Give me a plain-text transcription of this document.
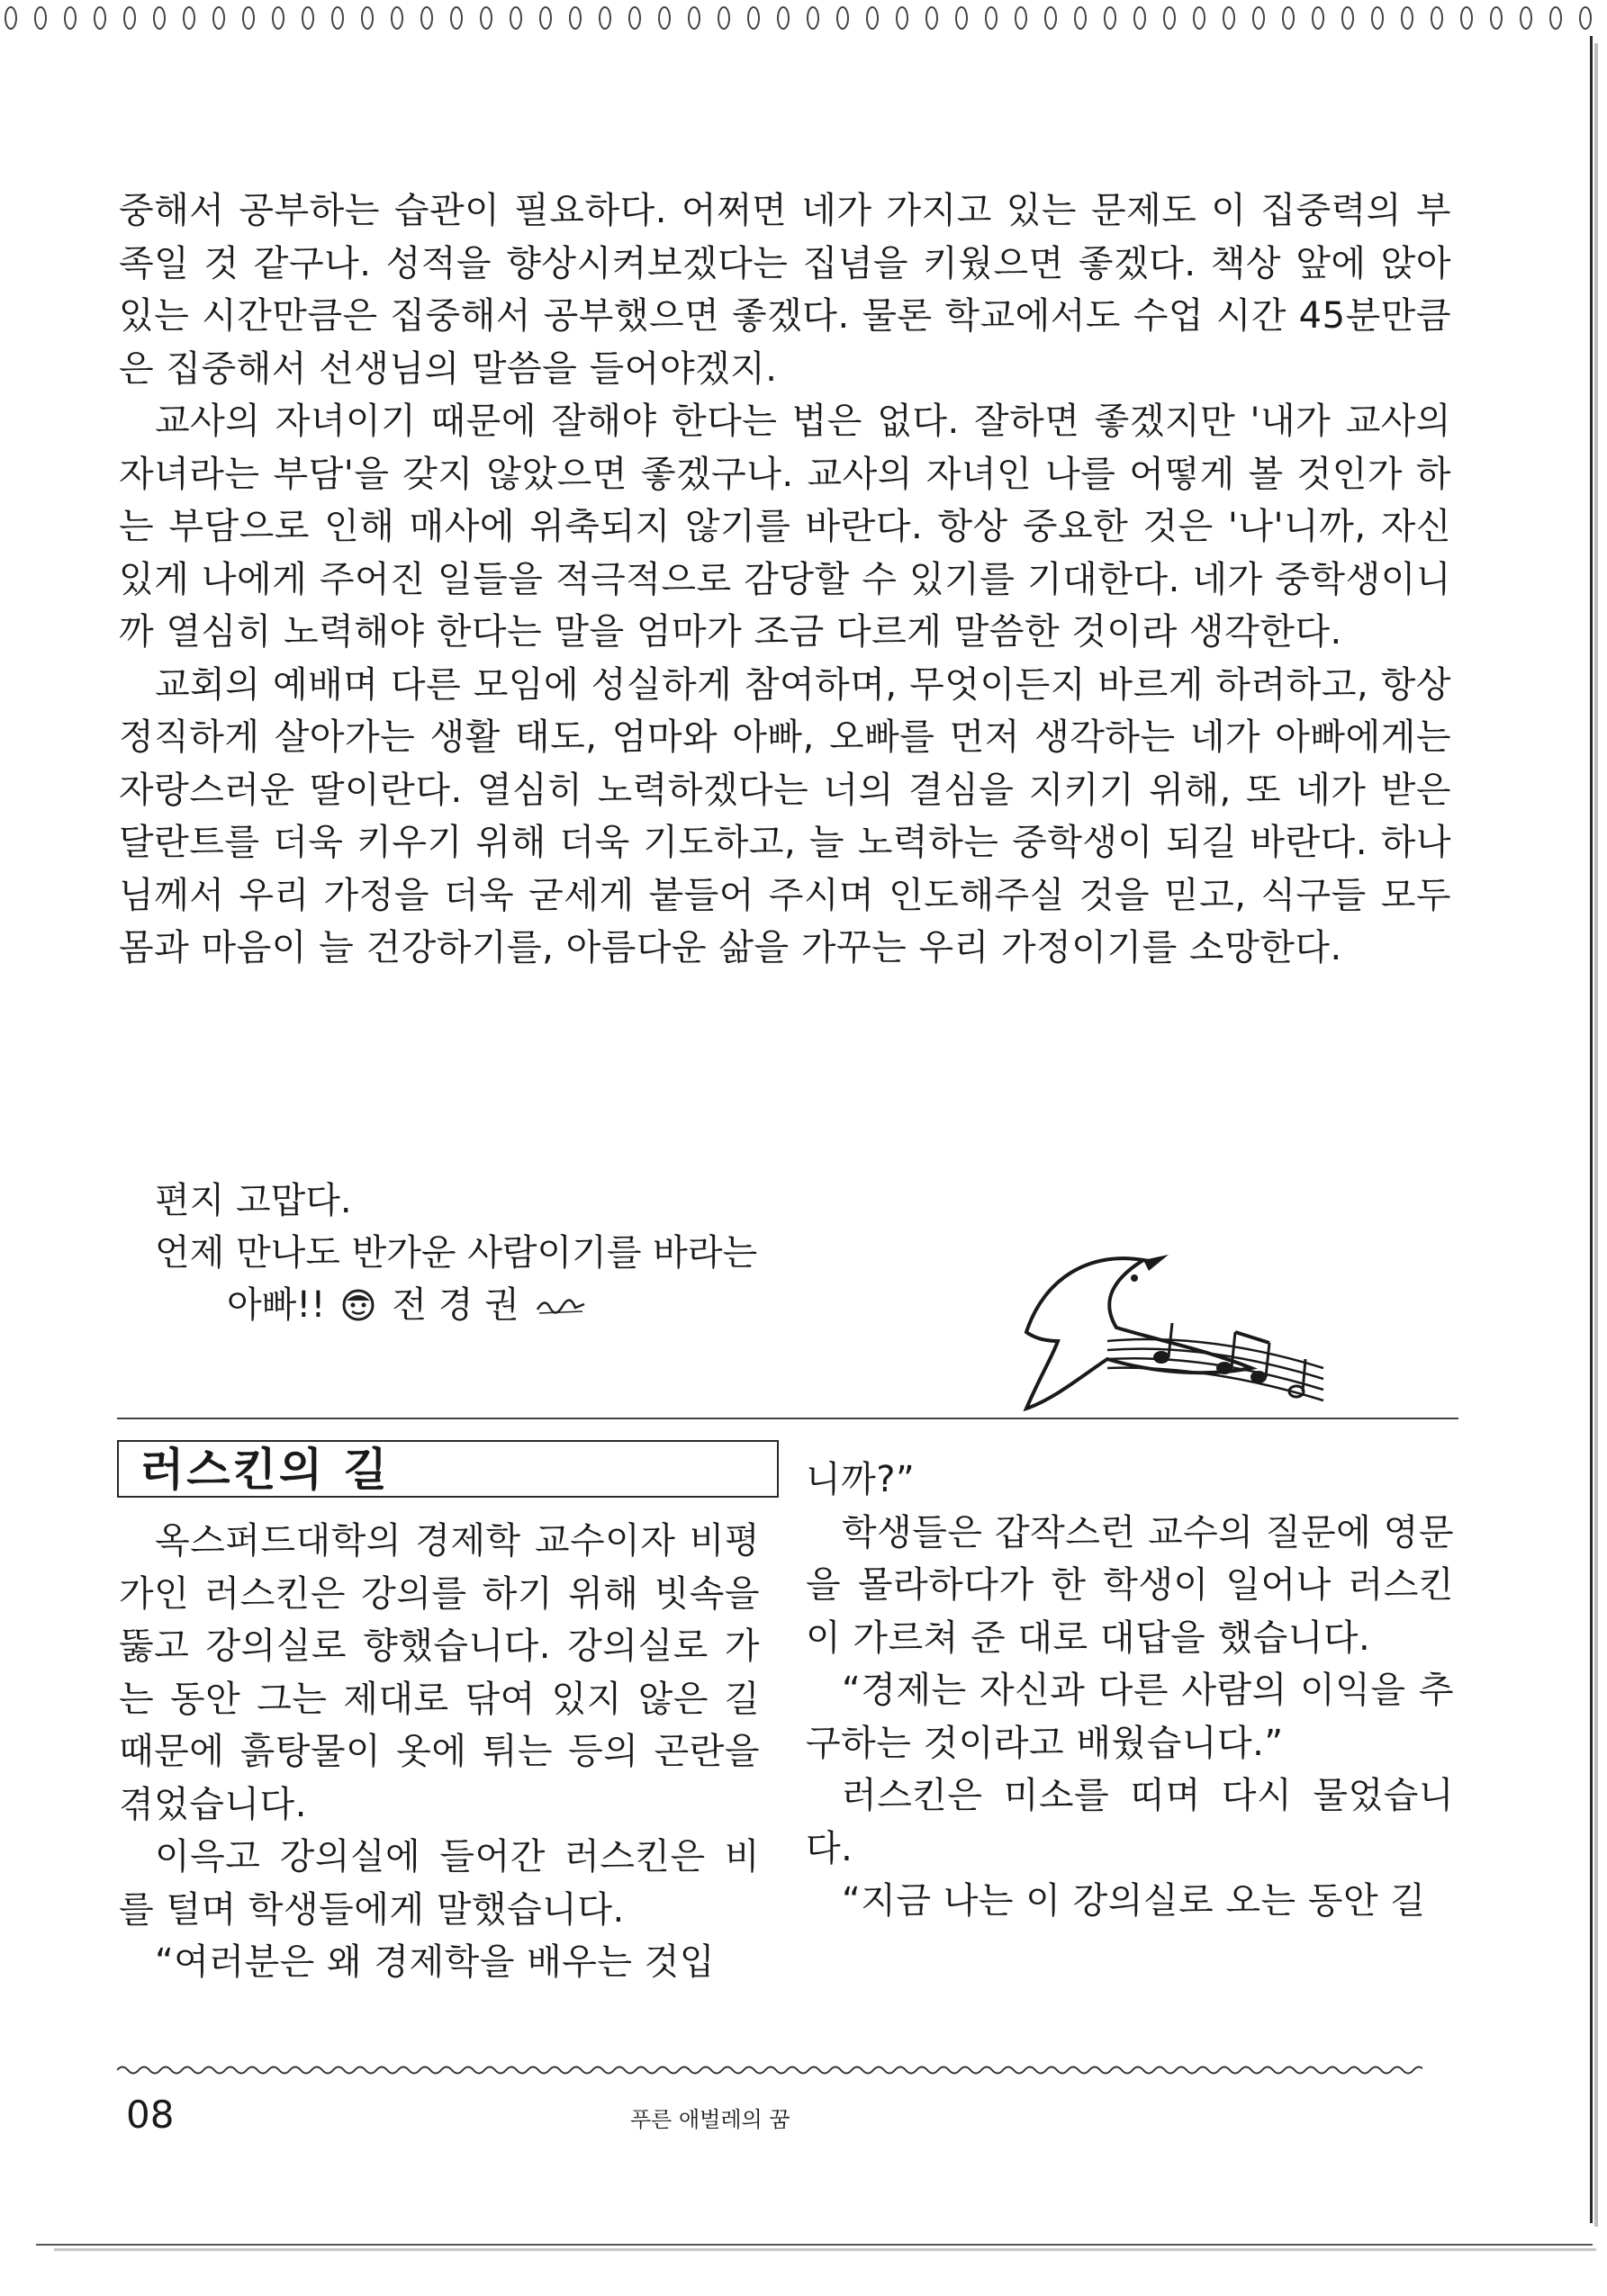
중해서 공부하는 습관이 필요하다. 어쩌면 네가 가지고 있는 문제도 이 집중력의 부족일 것 같구나. 성적을 향상시켜보겠다는 집념을 키웠으면 좋겠다. 책상 앞에 앉아 있는 시간만큼은 집중해서 공부했으면 좋겠다. 물론 학교에서도 수업 시간 45분만큼은 집중해서 선생님의 말씀을 들어야겠지.

교사의 자녀이기 때문에 잘해야 한다는 법은 없다. 잘하면 좋겠지만 '내가 교사의 자녀라는 부담'을 갖지 않았으면 좋겠구나. 교사의 자녀인 나를 어떻게 볼 것인가 하는 부담으로 인해 매사에 위축되지 않기를 바란다. 항상 중요한 것은 '나'니까, 자신 있게 나에게 주어진 일들을 적극적으로 감당할 수 있기를 기대한다. 네가 중학생이니까 열심히 노력해야 한다는 말을 엄마가 조금 다르게 말씀한 것이라 생각한다.

교회의 예배며 다른 모임에 성실하게 참여하며, 무엇이든지 바르게 하려하고, 항상 정직하게 살아가는 생활 태도, 엄마와 아빠, 오빠를 먼저 생각하는 네가 아빠에게는 자랑스러운 딸이란다. 열심히 노력하겠다는 너의 결심을 지키기 위해, 또 네가 받은 달란트를 더욱 키우기 위해 더욱 기도하고, 늘 노력하는 중학생이 되길 바란다. 하나님께서 우리 가정을 더욱 굳세게 붙들어 주시며 인도해주실 것을 믿고, 식구들 모두 몸과 마음이 늘 건강하기를, 아름다운 삶을 가꾸는 우리 가정이기를 소망한다.

편지 고맙다.
언제 만나도 반가운 사람이기를 바라는
아빠!! 전 경 권
러스킨의 길

옥스퍼드대학의 경제학 교수이자 비평가인 러스킨은 강의를 하기 위해 빗속을 뚫고 강의실로 향했습니다. 강의실로 가는 동안 그는 제대로 닦여 있지 않은 길 때문에 흙탕물이 옷에 튀는 등의 곤란을 겪었습니다.

이윽고 강의실에 들어간 러스킨은 비를 털며 학생들에게 말했습니다.

“여러분은 왜 경제학을 배우는 것입

니까?”

학생들은 갑작스런 교수의 질문에 영문을 몰라하다가 한 학생이 일어나 러스킨이 가르쳐 준 대로 대답을 했습니다.

“경제는 자신과 다른 사람의 이익을 추구하는 것이라고 배웠습니다.”

러스킨은 미소를 띠며 다시 물었습니다.

“지금 나는 이 강의실로 오는 동안 길

08	푸른 애벌레의 꿈
